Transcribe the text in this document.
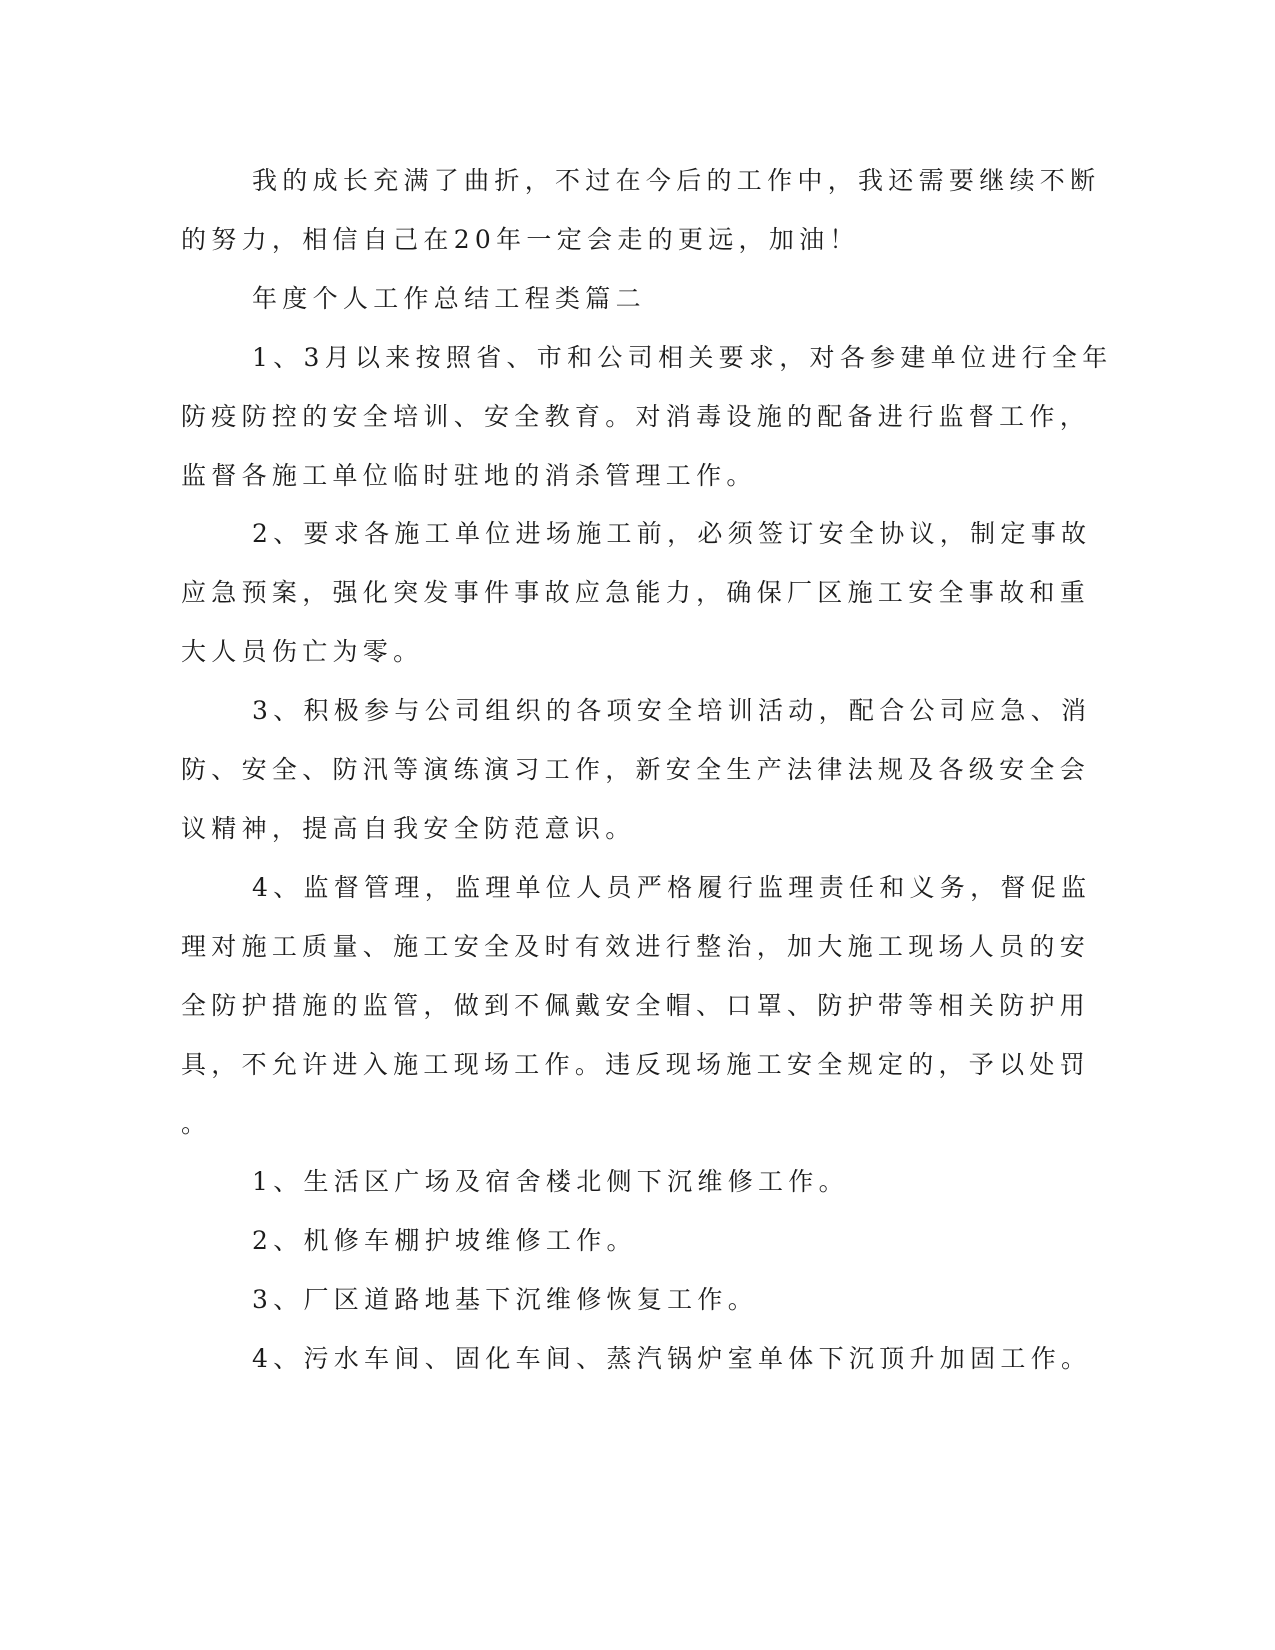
我的成长充满了曲折，不过在今后的工作中，我还需要继续不断

的努力，相信自己在20年一定会走的更远，加油！

年度个人工作总结工程类篇二

1、3月以来按照省、市和公司相关要求，对各参建单位进行全年

防疫防控的安全培训、安全教育。对消毒设施的配备进行监督工作，

监督各施工单位临时驻地的消杀管理工作。

2、要求各施工单位进场施工前，必须签订安全协议，制定事故

应急预案，强化突发事件事故应急能力，确保厂区施工安全事故和重

大人员伤亡为零。

3、积极参与公司组织的各项安全培训活动，配合公司应急、消

防、安全、防汛等演练演习工作，新安全生产法律法规及各级安全会

议精神，提高自我安全防范意识。

4、监督管理，监理单位人员严格履行监理责任和义务，督促监

理对施工质量、施工安全及时有效进行整治，加大施工现场人员的安

全防护措施的监管，做到不佩戴安全帽、口罩、防护带等相关防护用

具，不允许进入施工现场工作。违反现场施工安全规定的，予以处罚

。

1、生活区广场及宿舍楼北侧下沉维修工作。

2、机修车棚护坡维修工作。

3、厂区道路地基下沉维修恢复工作。

4、污水车间、固化车间、蒸汽锅炉室单体下沉顶升加固工作。
